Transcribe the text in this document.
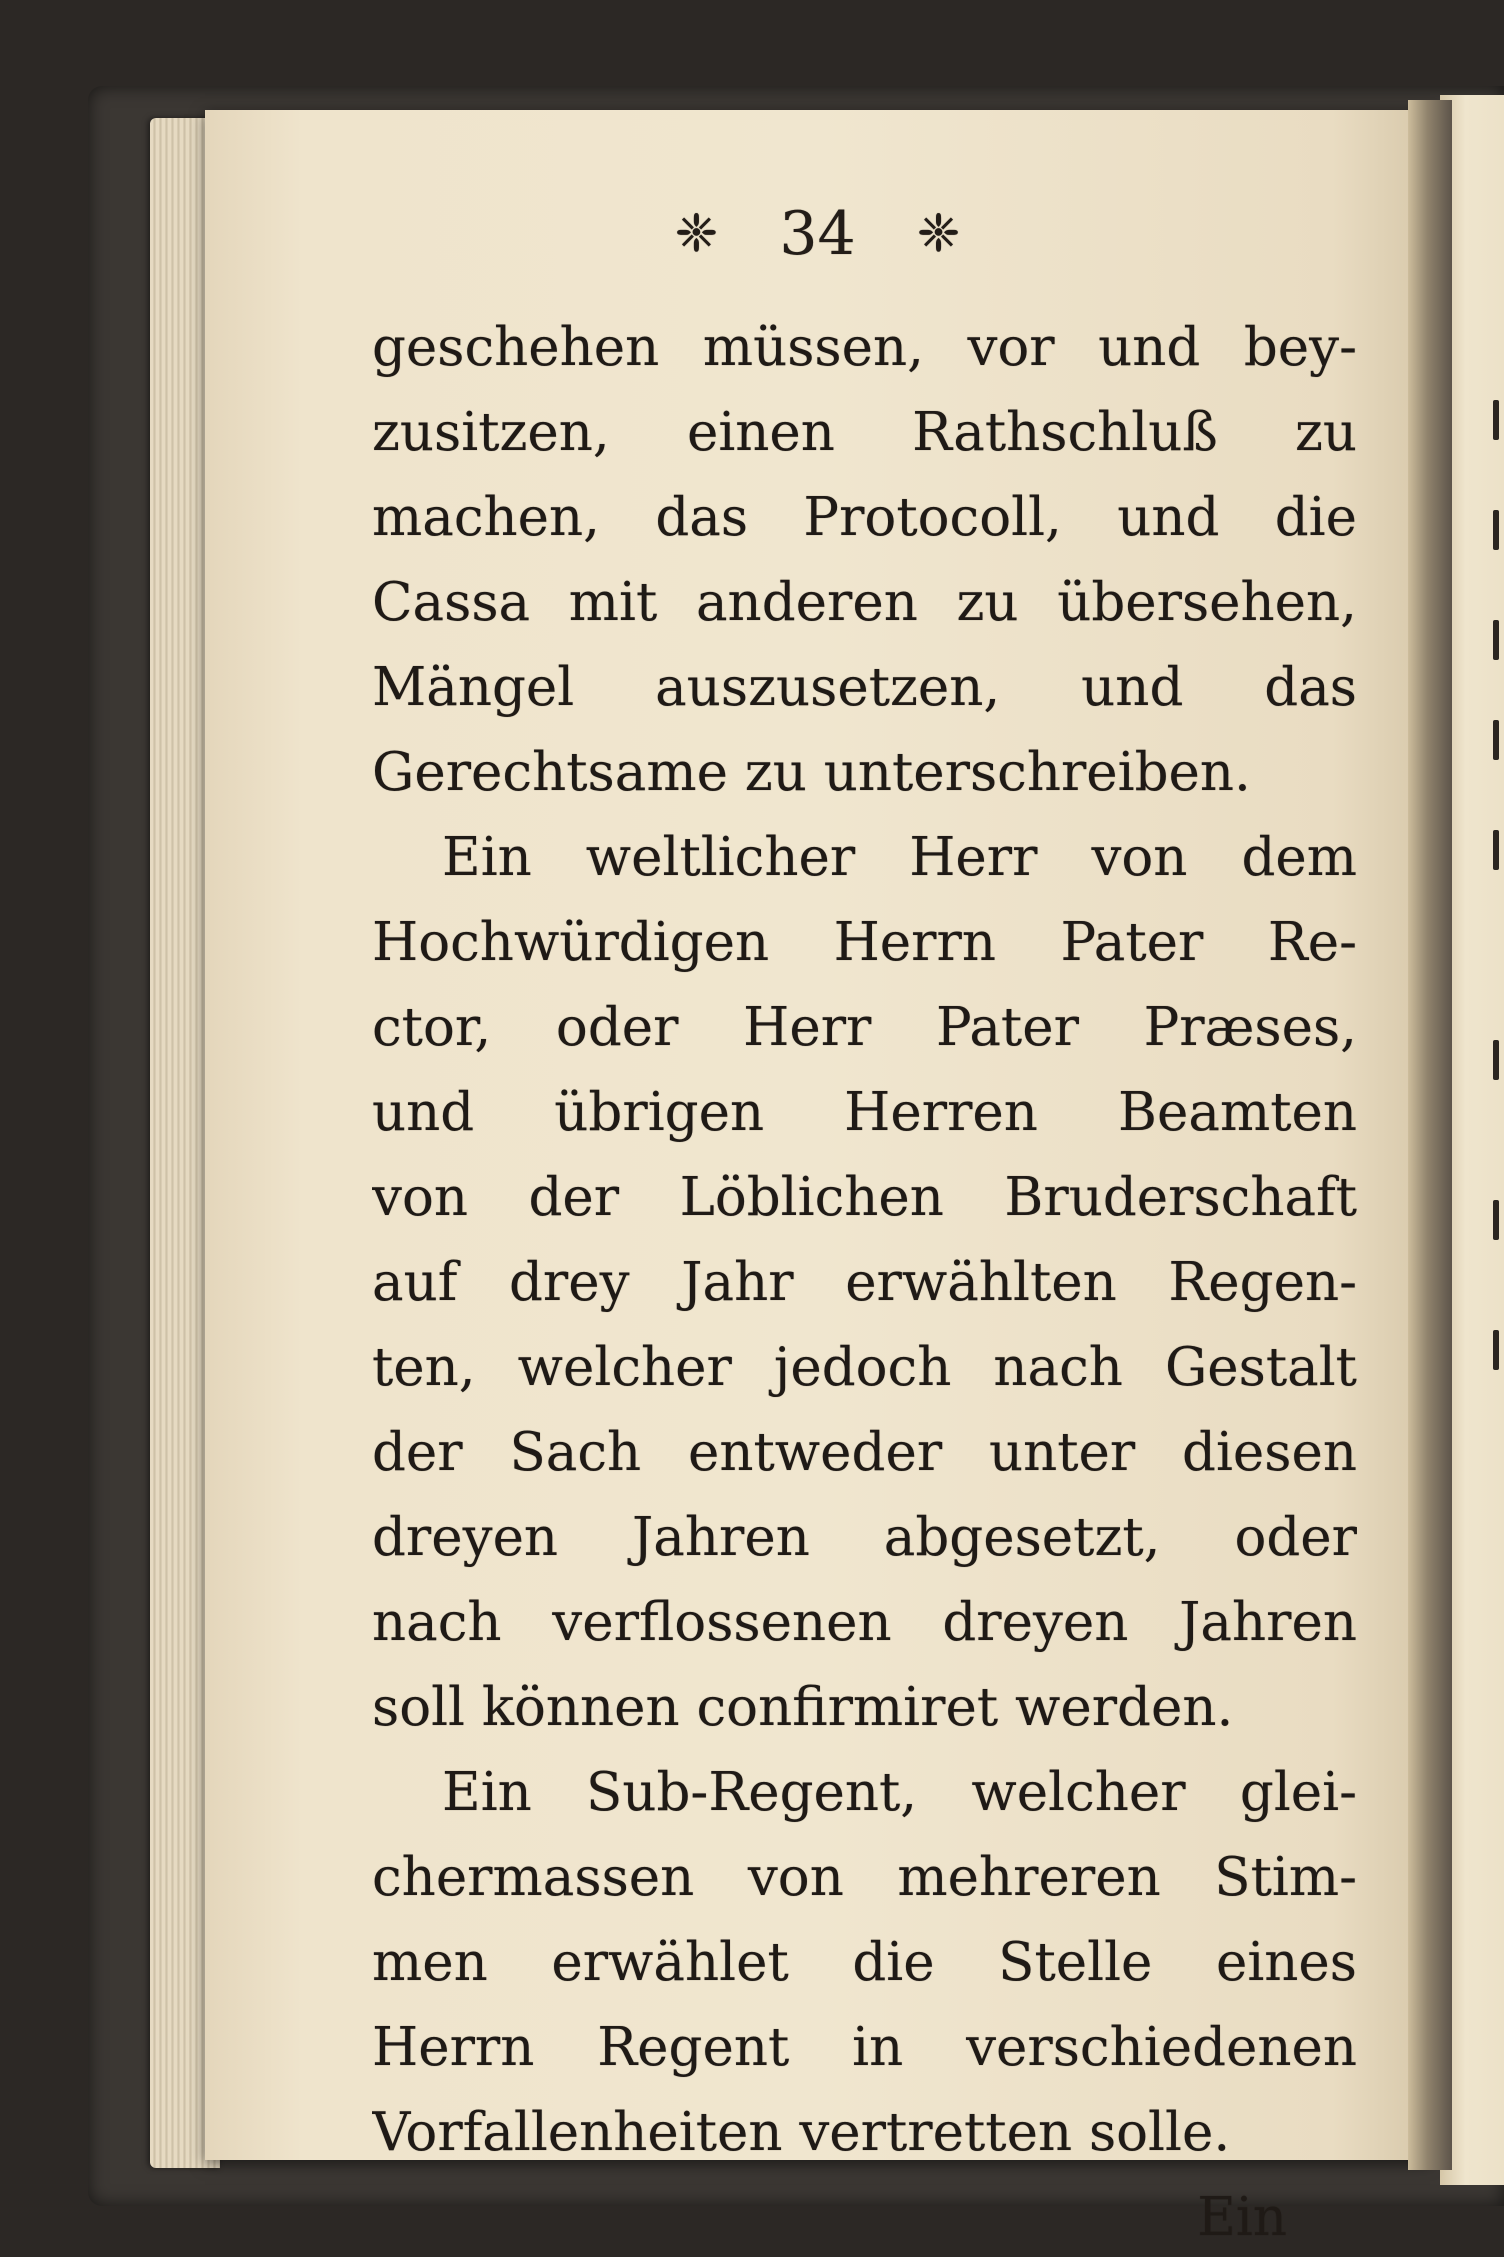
❈ 34 ❈
geschehen müssen, vor und bey-
zusitzen, einen Rathschluß zu
machen, das Protocoll, und die
Cassa mit anderen zu übersehen,
Mängel auszusetzen, und das
Gerechtsame zu unterschreiben.
Ein weltlicher Herr von dem
Hochwürdigen Herrn Pater Re-
ctor, oder Herr Pater Præses,
und übrigen Herren Beamten
von der Löblichen Bruderschaft
auf drey Jahr erwählten Regen-
ten, welcher jedoch nach Gestalt
der Sach entweder unter diesen
dreyen Jahren abgesetzt, oder
nach verflossenen dreyen Jahren
soll können confirmiret werden.
Ein Sub-Regent, welcher glei-
chermassen von mehreren Stim-
men erwählet die Stelle eines
Herrn Regent in verschiedenen
Vorfallenheiten vertretten solle.
Ein
